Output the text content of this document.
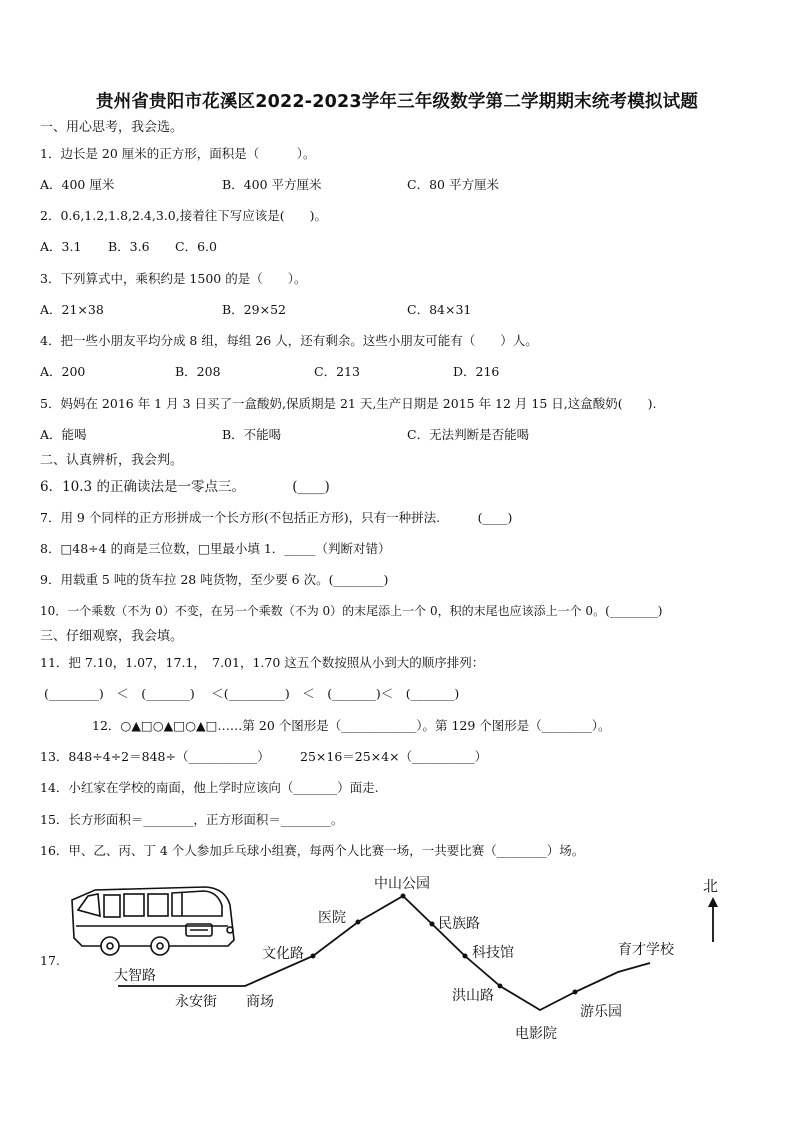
贵州省贵阳市花溪区2022-2023学年三年级数学第二学期期末统考模拟试题
一、用心思考，我会选。
1．边长是 20 厘米的正方形，面积是（　　　）。
A．400 厘米	B．400 平方厘米	C．80 平方厘米
2．0.6,1.2,1.8,2.4,3.0,接着往下写应该是(　　)。
A．3.1 B．3.6 C．6.0
3．下列算式中，乘积约是 1500 的是（　　）。
A．21×38	B．29×52	C．84×31
4．把一些小朋友平均分成 8 组，每组 26 人，还有剩余。这些小朋友可能有（　　）人。
A．200	B．208	C．213	D．216
5．妈妈在 2016 年 1 月 3 日买了一盒酸奶,保质期是 21 天,生产日期是 2015 年 12 月 15 日,这盒酸奶(　　).
A．能喝	B．不能喝	C．无法判断是否能喝
二、认真辨析，我会判。
6．10.3 的正确读法是一零点三。　　　　(____)
7．用 9 个同样的正方形拼成一个长方形(不包括正方形)，只有一种拼法.　　　(____)
8．□48÷4 的商是三位数，□里最小填 1．_____（判断对错）
9．用载重 5 吨的货车拉 28 吨货物，至少要 6 次。(________)
10．一个乘数（不为 0）不变，在另一个乘数（不为 0）的末尾添上一个 0，积的末尾也应该添上一个 0。(________)
三、仔细观察，我会填。
11．把 7.10，1.07，17.1，　7.01，1.70 这五个数按照从小到大的顺序排列：
(________)　＜　(_______)　 ＜(_________)　＜　(_______)＜　(_______)
12．○▲□○▲□○▲□……第 20 个图形是（____________）。第 129 个图形是（________）。
13．848÷4÷2＝848÷（___________） 25×16＝25×4×（__________）
14．小红家在学校的南面，他上学时应该向（_______）面走.
15．长方形面积＝________，正方形面积＝________。
16．甲、乙、丙、丁 4 个人参加乒乓球小组赛，每两个人比赛一场，一共要比赛（________）场。
17.
大智路
永安街 商场
文化路
医院
中山公园
民族路
科技馆
洪山路
电影院
游乐园
育才学校
北
